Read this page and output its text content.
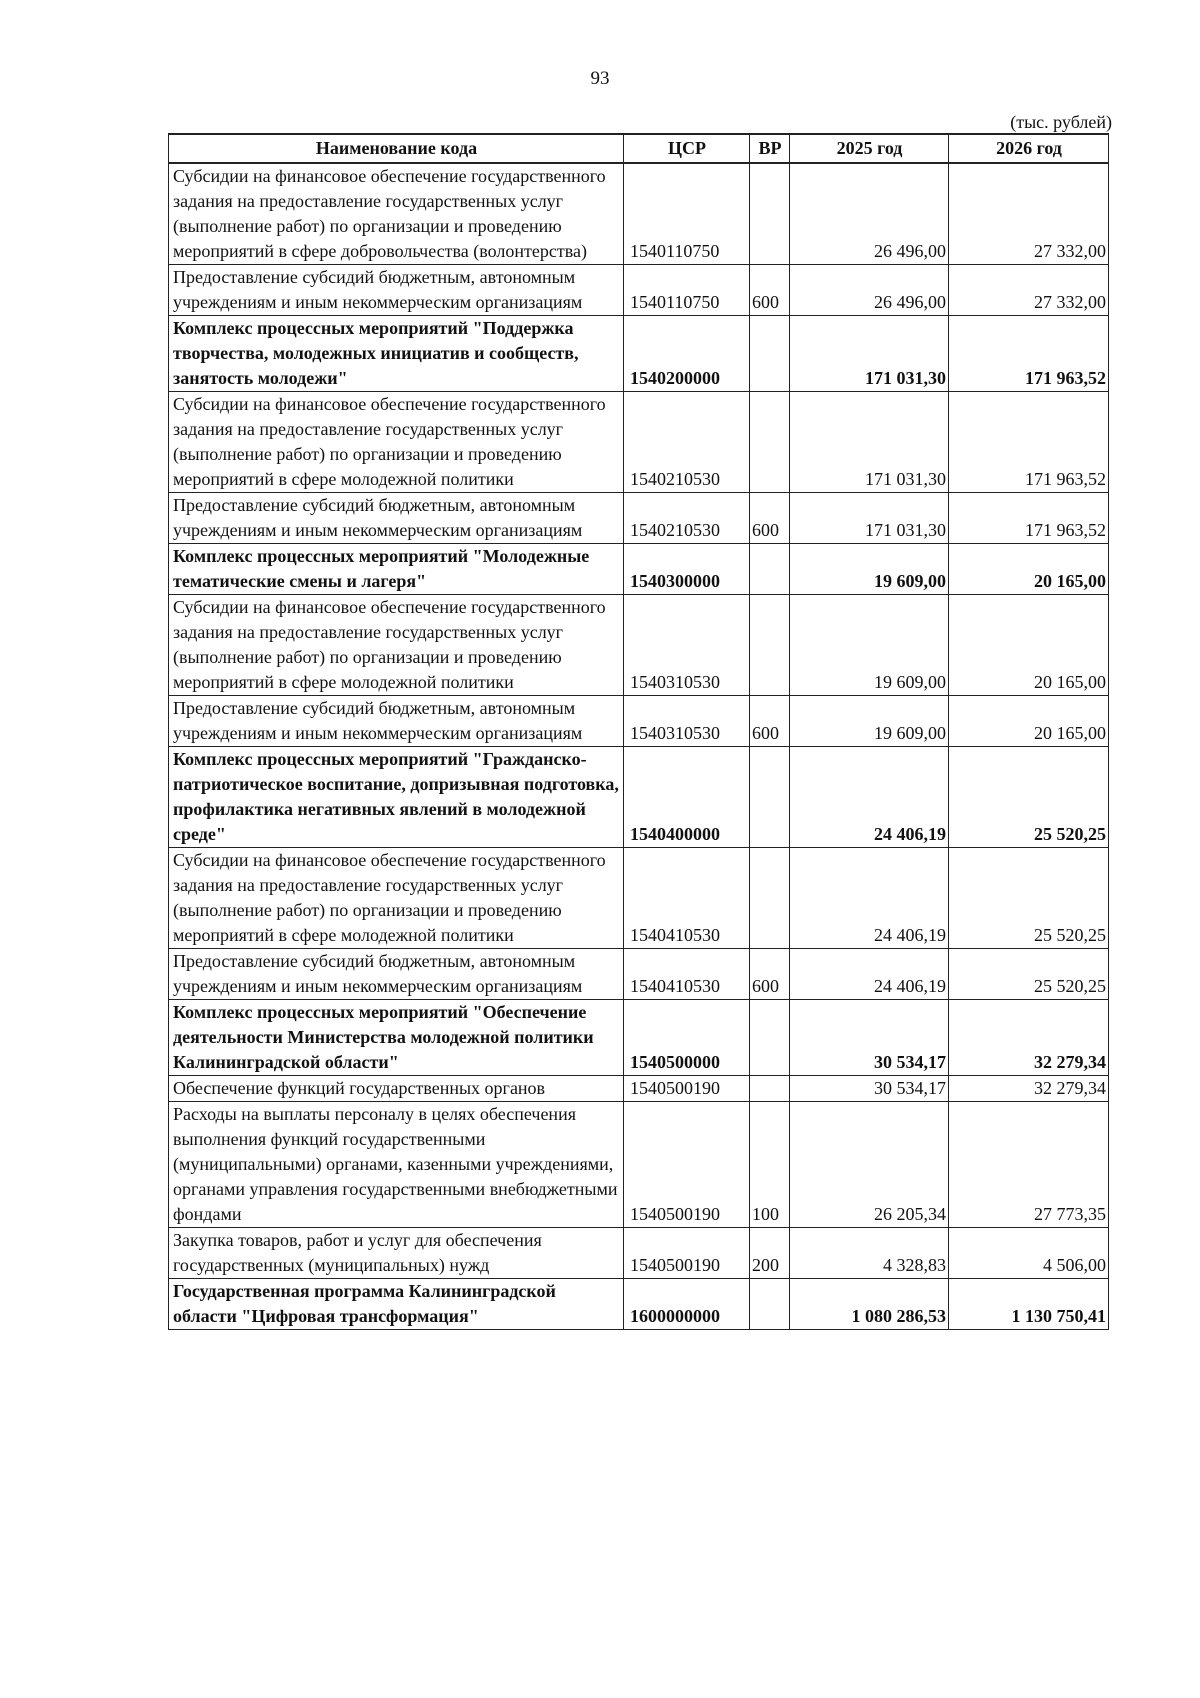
93
(тыс. рублей)
Наименование кода	ЦСР	ВР	2025 год	2026 год
Субсидии на финансовое обеспечение государственного задания на предоставление государственных услуг (выполнение работ) по организации и проведению мероприятий в сфере добровольчества (волонтерства)	1540110750		26 496,00	27 332,00
Предоставление субсидий бюджетным, автономным учреждениям и иным некоммерческим организациям	1540110750	600	26 496,00	27 332,00
Комплекс процессных мероприятий "Поддержка творчества, молодежных инициатив и сообществ, занятость молодежи"	1540200000		171 031,30	171 963,52
Субсидии на финансовое обеспечение государственного задания на предоставление государственных услуг (выполнение работ) по организации и проведению мероприятий в сфере молодежной политики	1540210530		171 031,30	171 963,52
Предоставление субсидий бюджетным, автономным учреждениям и иным некоммерческим организациям	1540210530	600	171 031,30	171 963,52
Комплекс процессных мероприятий "Молодежные тематические смены и лагеря"	1540300000		19 609,00	20 165,00
Субсидии на финансовое обеспечение государственного задания на предоставление государственных услуг (выполнение работ) по организации и проведению мероприятий в сфере молодежной политики	1540310530		19 609,00	20 165,00
Предоставление субсидий бюджетным, автономным учреждениям и иным некоммерческим организациям	1540310530	600	19 609,00	20 165,00
Комплекс процессных мероприятий "Гражданско-патриотическое воспитание, допризывная подготовка, профилактика негативных явлений в молодежной среде"	1540400000		24 406,19	25 520,25
Субсидии на финансовое обеспечение государственного задания на предоставление государственных услуг (выполнение работ) по организации и проведению мероприятий в сфере молодежной политики	1540410530		24 406,19	25 520,25
Предоставление субсидий бюджетным, автономным учреждениям и иным некоммерческим организациям	1540410530	600	24 406,19	25 520,25
Комплекс процессных мероприятий "Обеспечение деятельности Министерства молодежной политики Калининградской области"	1540500000		30 534,17	32 279,34
Обеспечение функций государственных органов	1540500190		30 534,17	32 279,34
Расходы на выплаты персоналу в целях обеспечения выполнения функций государственными (муниципальными) органами, казенными учреждениями, органами управления государственными внебюджетными фондами	1540500190	100	26 205,34	27 773,35
Закупка товаров, работ и услуг для обеспечения государственных (муниципальных) нужд	1540500190	200	4 328,83	4 506,00
Государственная программа Калининградской области "Цифровая трансформация"	1600000000		1 080 286,53	1 130 750,41
